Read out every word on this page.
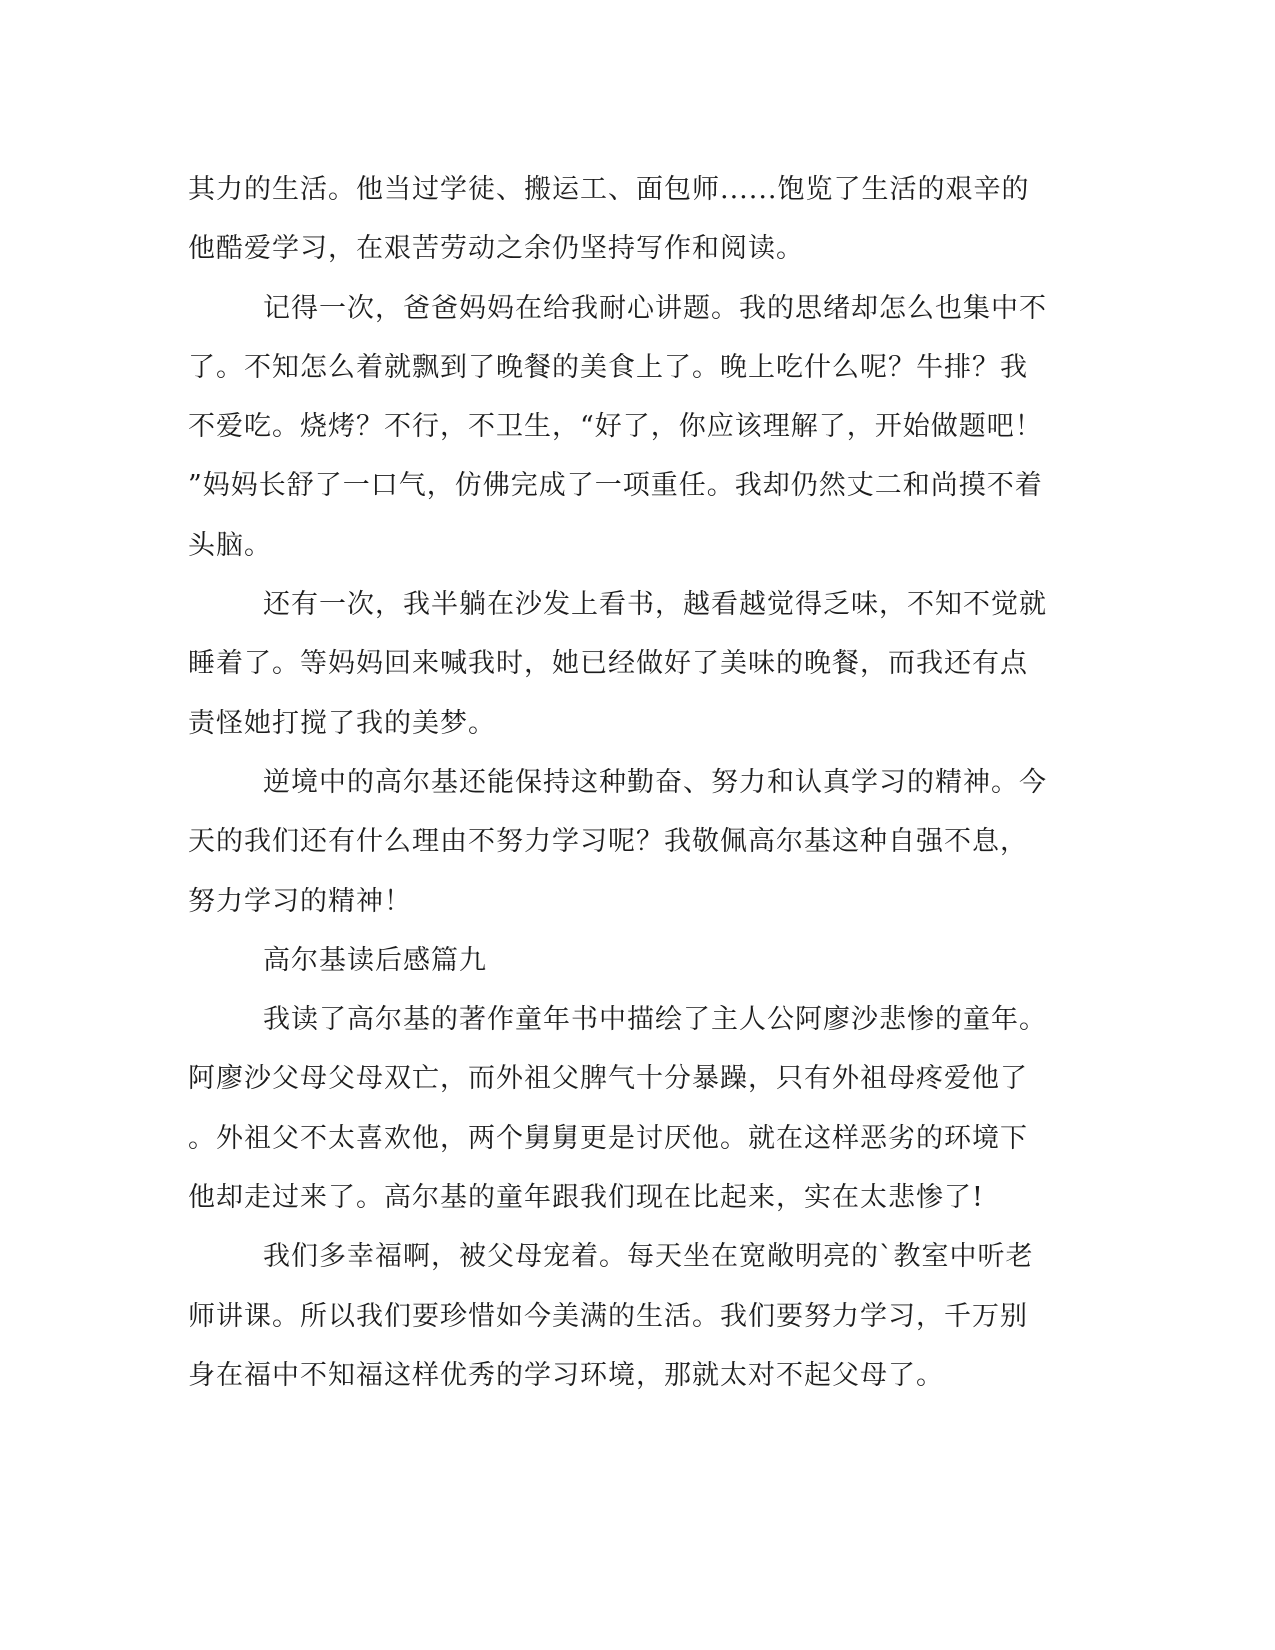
其力的生活。他当过学徒、搬运工、面包师......饱览了生活的艰辛的
他酷爱学习，在艰苦劳动之余仍坚持写作和阅读。
记得一次，爸爸妈妈在给我耐心讲题。我的思绪却怎么也集中不
了。不知怎么着就飘到了晚餐的美食上了。晚上吃什么呢？牛排？我
不爱吃。烧烤？不行，不卫生，“好了，你应该理解了，开始做题吧！
”妈妈长舒了一口气，仿佛完成了一项重任。我却仍然丈二和尚摸不着
头脑。
还有一次，我半躺在沙发上看书，越看越觉得乏味，不知不觉就
睡着了。等妈妈回来喊我时，她已经做好了美味的晚餐，而我还有点
责怪她打搅了我的美梦。
逆境中的高尔基还能保持这种勤奋、努力和认真学习的精神。今
天的我们还有什么理由不努力学习呢？我敬佩高尔基这种自强不息，
努力学习的精神！
高尔基读后感篇九
我读了高尔基的著作童年书中描绘了主人公阿廖沙悲惨的童年。
阿廖沙父母父母双亡，而外祖父脾气十分暴躁，只有外祖母疼爱他了
。外祖父不太喜欢他，两个舅舅更是讨厌他。就在这样恶劣的环境下
他却走过来了。高尔基的童年跟我们现在比起来，实在太悲惨了!
我们多幸福啊，被父母宠着。每天坐在宽敞明亮的`教室中听老
师讲课。所以我们要珍惜如今美满的生活。我们要努力学习，千万别
身在福中不知福这样优秀的学习环境，那就太对不起父母了。
